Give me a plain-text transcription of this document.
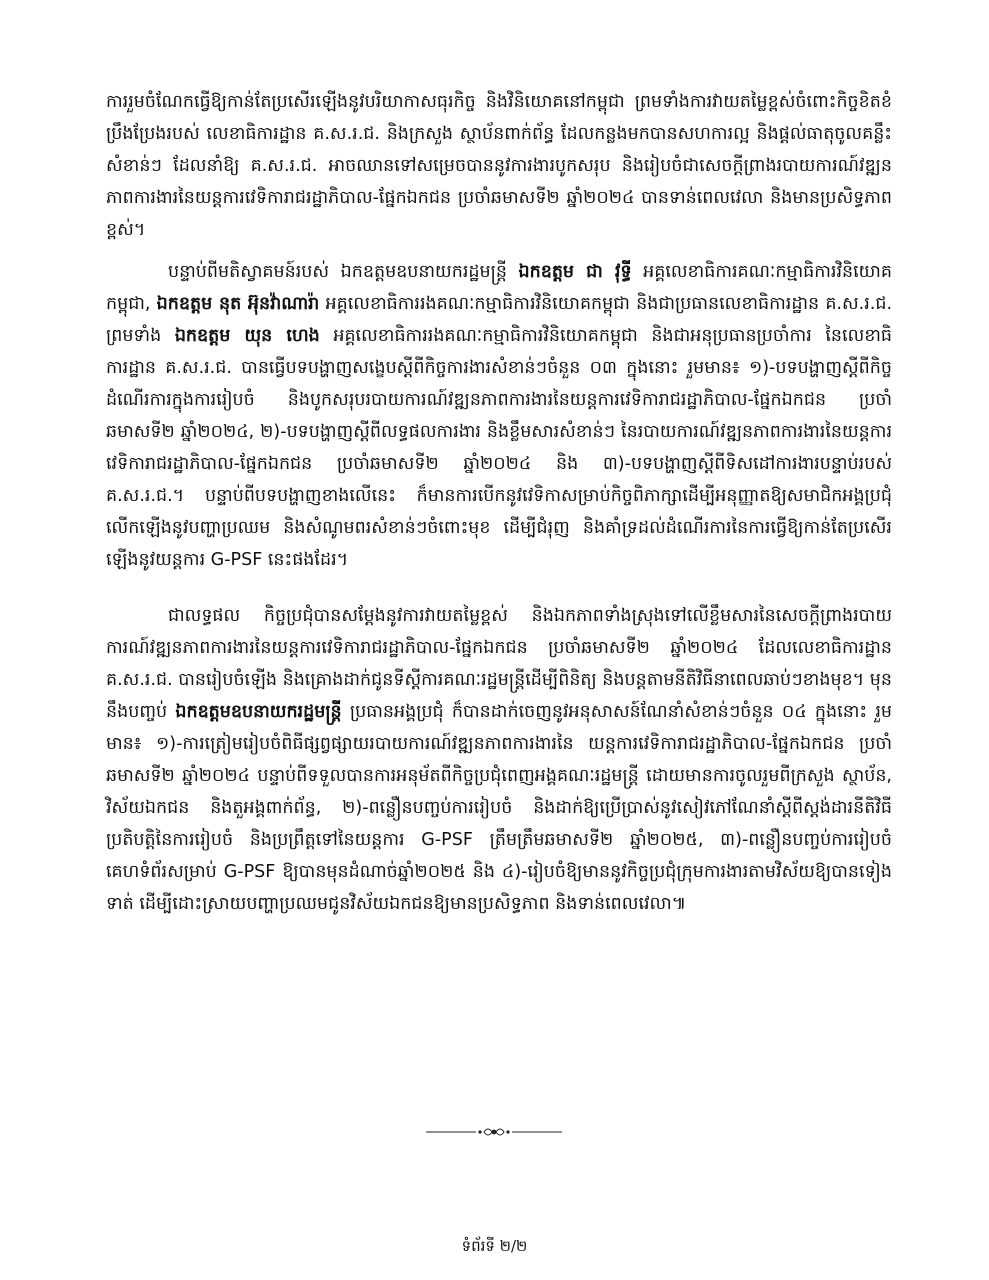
ការរួមចំណែកធ្វើឱ្យកាន់តែប្រសើរឡើងនូវបរិយាកាសធុរកិច្ច និងវិនិយោគនៅកម្ពុជា ព្រមទាំងការវាយតម្លៃខ្ពស់ចំពោះកិច្ចខិតខំប្រឹងប្រែងរបស់ លេខាធិការដ្ឋាន គ.ស.រ.ជ. និងក្រសួង ស្ថាប័នពាក់ព័ន្ធ ដែលកន្លងមកបានសហការល្អ និងផ្តល់ធាតុចូលគន្លឹះសំខាន់ៗ ដែលនាំឱ្យ គ.ស.រ.ជ. អាចឈានទៅសម្រេចបាននូវការងារបូកសរុប និងរៀបចំជាសេចក្តីព្រាងរបាយការណ៍វឌ្ឍនភាពការងារនៃយន្តការវេទិការាជរដ្ឋាភិបាល-ផ្នែកឯកជន ប្រចាំឆមាសទី២ ឆ្នាំ២០២៤ បានទាន់ពេលវេលា និងមានប្រសិទ្ធភាពខ្ពស់។

បន្ទាប់ពីមតិស្វាគមន៍របស់ ឯកឧត្តមឧបនាយករដ្ឋមន្ត្រី ឯកឧត្តម ជា វុទ្ធី អគ្គលេខាធិការគណៈកម្មាធិការវិនិយោគកម្ពុជា, ឯកឧត្តម នុត អ៊ុនវ៉ាណារ៉ា អគ្គលេខាធិការរងគណៈកម្មាធិការវិនិយោគកម្ពុជា និងជាប្រធានលេខាធិការដ្ឋាន គ.ស.រ.ជ. ព្រមទាំង ឯកឧត្តម យុន ហេង អគ្គលេខាធិការរងគណៈកម្មាធិការវិនិយោគកម្ពុជា និងជាអនុប្រធានប្រចាំការ នៃលេខាធិការដ្ឋាន គ.ស.រ.ជ. បានធ្វើបទបង្ហាញសង្ខេបស្តីពីកិច្ចការងារសំខាន់ៗចំនួន ០៣ ក្នុងនោះ រួមមាន៖ ១)-បទបង្ហាញស្តីពីកិច្ចដំណើរការក្នុងការរៀបចំ និងបូកសរុបរបាយការណ៍វឌ្ឍនភាពការងារនៃយន្តការវេទិការាជរដ្ឋាភិបាល-ផ្នែកឯកជន ប្រចាំឆមាសទី២ ឆ្នាំ២០២៤, ២)-បទបង្ហាញស្តីពីលទ្ធផលការងារ និងខ្លឹមសារសំខាន់ៗ នៃរបាយការណ៍វឌ្ឍនភាពការងារនៃយន្តការវេទិការាជរដ្ឋាភិបាល-ផ្នែកឯកជន ប្រចាំឆមាសទី២ ឆ្នាំ២០២៤ និង ៣)-បទបង្ហាញស្តីពីទិសដៅការងារបន្ទាប់របស់ គ.ស.រ.ជ.។ បន្ទាប់ពីបទបង្ហាញខាងលើនេះ ក៏មានការបើកនូវវេទិកាសម្រាប់កិច្ចពិភាក្សាដើម្បីអនុញ្ញាតឱ្យសមាជិកអង្គប្រជុំលើកឡើងនូវបញ្ហាប្រឈម និងសំណូមពរសំខាន់ៗចំពោះមុខ ដើម្បីជំរុញ និងគាំទ្រដល់ដំណើរការនៃការធ្វើឱ្យកាន់តែប្រសើរឡើងនូវយន្តការ G-PSF នេះផងដែរ។

ជាលទ្ធផល កិច្ចប្រជុំបានសម្តែងនូវការវាយតម្លៃខ្ពស់ និងឯកភាពទាំងស្រុងទៅលើខ្លឹមសារនៃសេចក្តីព្រាងរបាយការណ៍វឌ្ឍនភាពការងារនៃយន្តការវេទិការាជរដ្ឋាភិបាល-ផ្នែកឯកជន ប្រចាំឆមាសទី២ ឆ្នាំ២០២៤ ដែលលេខាធិការដ្ឋាន គ.ស.រ.ជ. បានរៀបចំឡើង និងគ្រោងដាក់ជូនទីស្តីការគណៈរដ្ឋមន្ត្រីដើម្បីពិនិត្យ និងបន្តតាមនីតិវិធីនាពេលឆាប់ៗខាងមុខ។ មុននឹងបញ្ចប់ ឯកឧត្តមឧបនាយករដ្ឋមន្ត្រី ប្រធានអង្គប្រជុំ ក៏បានដាក់ចេញនូវអនុសាសន៍ណែនាំសំខាន់ៗចំនួន ០៤ ក្នុងនោះ រួមមាន៖ ១)-ការត្រៀមរៀបចំពិធីផ្សព្វផ្សាយរបាយការណ៍វឌ្ឍនភាពការងារនៃ យន្តការវេទិការាជរដ្ឋាភិបាល-ផ្នែកឯកជន ប្រចាំឆមាសទី២ ឆ្នាំ២០២៤ បន្ទាប់ពីទទួលបានការអនុម័តពីកិច្ចប្រជុំពេញអង្គគណៈរដ្ឋមន្ត្រី ដោយមានការចូលរួមពីក្រសួង ស្ថាប័ន, វិស័យឯកជន និងតួអង្គពាក់ព័ន្ធ, ២)-ពន្លឿនបញ្ចប់ការរៀបចំ និងដាក់ឱ្យប្រើប្រាស់នូវសៀវភៅណែនាំស្តីពីស្តង់ដារនីតិវិធីប្រតិបត្តិនៃការរៀបចំ និងប្រព្រឹត្តទៅនៃយន្តការ G-PSF ត្រឹមត្រឹមឆមាសទី២ ឆ្នាំ២០២៥, ៣)-ពន្លឿនបញ្ចប់ការរៀបចំគេហទំព័រសម្រាប់ G-PSF ឱ្យបានមុនដំណាច់ឆ្នាំ២០២៥ និង ៤)-រៀបចំឱ្យមាននូវកិច្ចប្រជុំក្រុមការងារតាមវិស័យឱ្យបានទៀងទាត់ ដើម្បីដោះស្រាយបញ្ហាប្រឈមជូនវិស័យឯកជនឱ្យមានប្រសិទ្ធភាព និងទាន់ពេលវេលា៕

ទំព័រទី ២/២
